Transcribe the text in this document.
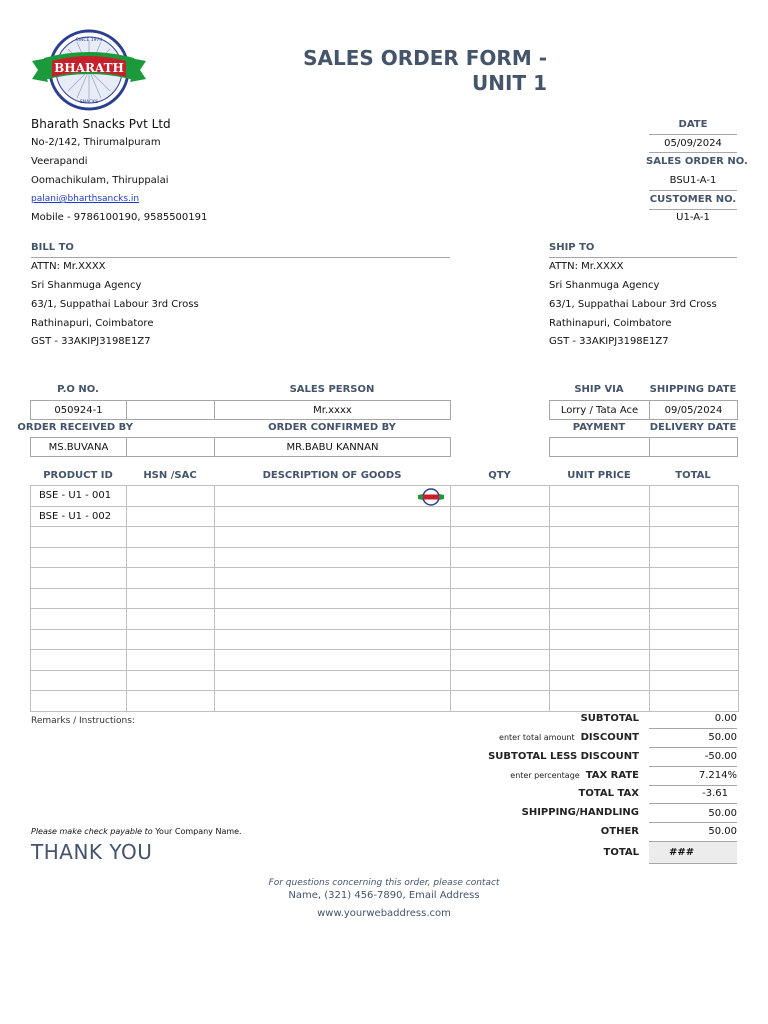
BHARATH
SINCE 1974
SNACKS
SALES ORDER FORM -
UNIT 1
Bharath Snacks Pvt Ltd
No-2/142, Thirumalpuram
Veerapandi
Oomachikulam, Thiruppalai
palani@bharthsancks.in
Mobile - 9786100190, 9585500191
DATE
05/09/2024
SALES ORDER NO.
BSU1-A-1
CUSTOMER NO.
U1-A-1
BILL TO
ATTN: Mr.XXXX
Sri Shanmuga Agency
63/1, Suppathai Labour 3rd Cross
Rathinapuri, Coimbatore
GST - 33AKIPJ3198E1Z7
SHIP TO
ATTN: Mr.XXXX
Sri Shanmuga Agency
63/1, Suppathai Labour 3rd Cross
Rathinapuri, Coimbatore
GST - 33AKIPJ3198E1Z7
P.O NO.	SALES PERSON	SHIP VIA	SHIPPING DATE
050924-1	Mr.xxxx	Lorry / Tata Ace	09/05/2024
ORDER RECEIVED BY	ORDER CONFIRMED BY	PAYMENT	DELIVERY DATE
MS.BUVANA	MR.BABU KANNAN
PRODUCT ID	HSN /SAC	DESCRIPTION OF GOODS	QTY	UNIT PRICE	TOTAL
BSE - U1 - 001					
BSE - U1 - 002					

Remarks / Instructions:	SUBTOTAL	0.00
enter total amount DISCOUNT	50.00
SUBTOTAL LESS DISCOUNT	-50.00
enter percentage TAX RATE	7.214%
TOTAL TAX	-3.61
SHIPPING/HANDLING	50.00
OTHER	50.00
TOTAL	###
Please make check payable to Your Company Name.
THANK YOU
For questions concerning this order, please contact
Name, (321) 456-7890, Email Address
www.yourwebaddress.com
